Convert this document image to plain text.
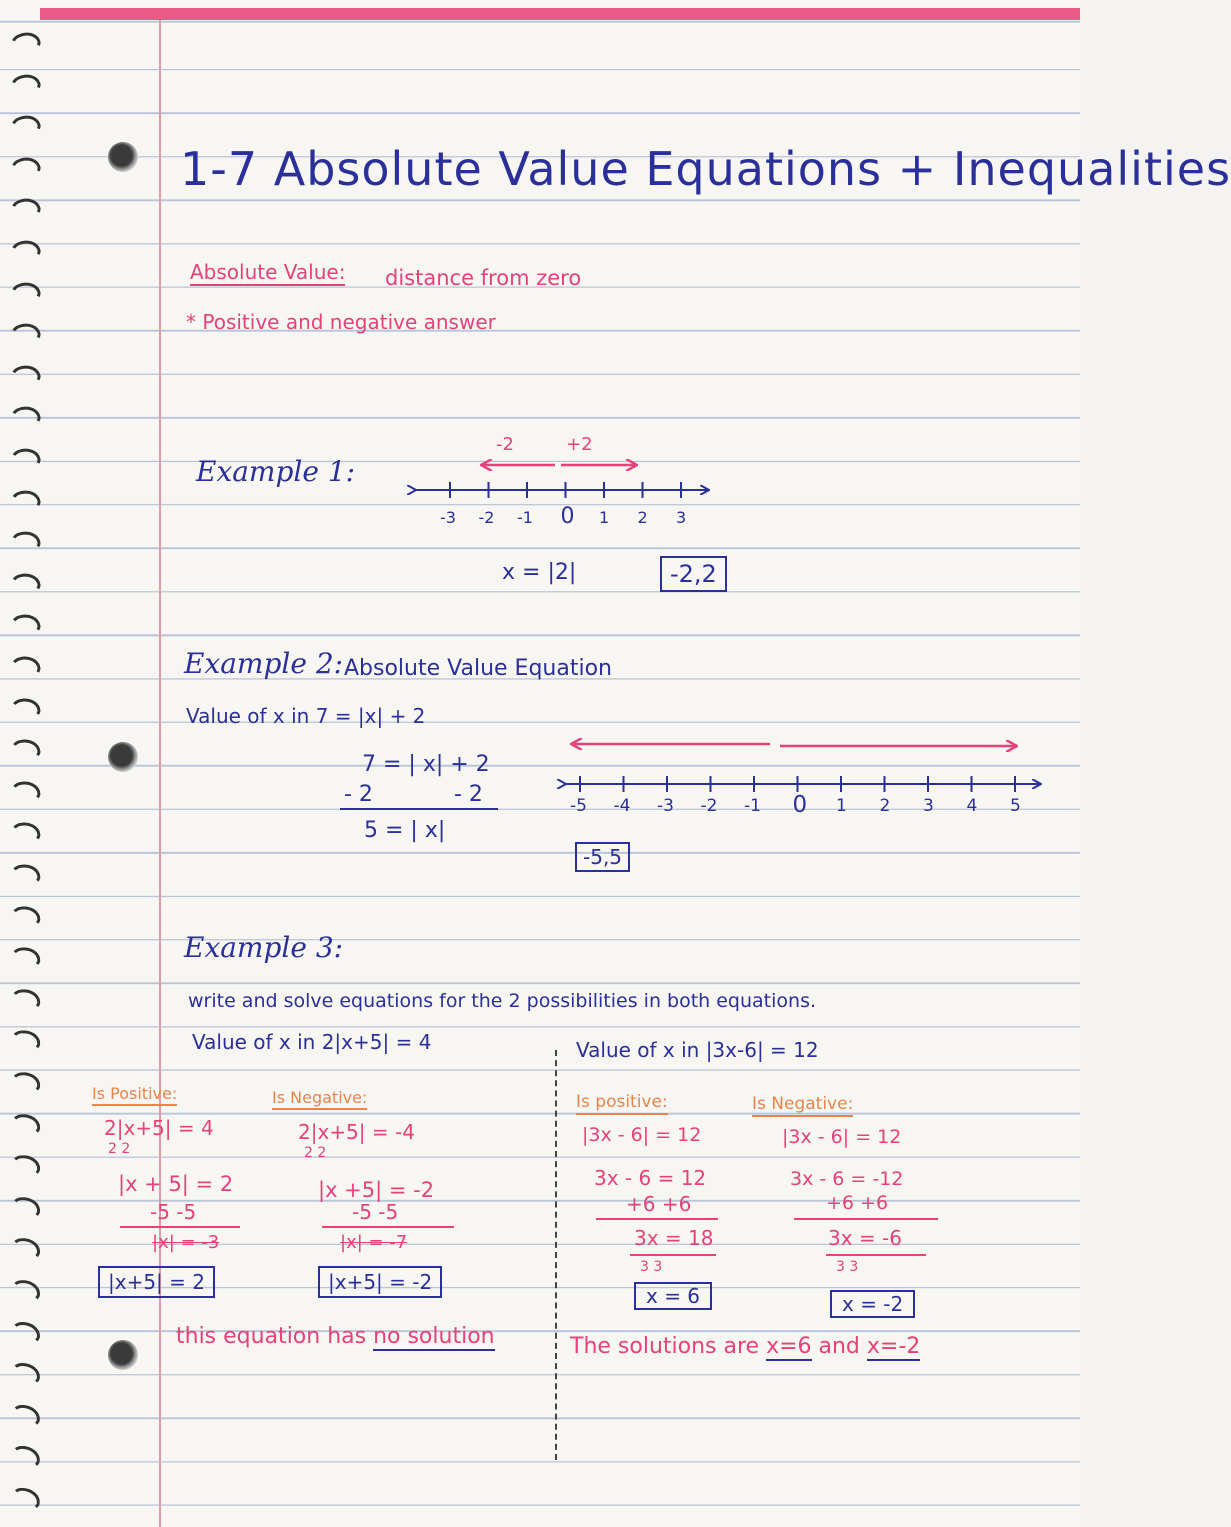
1-7 Absolute Value Equations + Inequalities
Absolute Value: distance from zero
* Positive and negative answer
Example 1:
-2	+2
-3 -2 -1 0 1 2 3
x = |2|	-2,2
Example 2: Absolute Value Equation
Value of x in 7 = |x| + 2
7 = | x| + 2
- 2	- 2
5 = | x|
-5 -4 -3 -2 -1 0 1 2 3 4 5
-5,5
Example 3:
write and solve equations for the 2 possibilities in both equations.
Value of x in 2|x+5| = 4	Value of x in |3x-6| = 12
Is Positive:
2|x+5| = 4
2 2
|x + 5| = 2
-5 -5
|x| = -3
|x+5| = 2
Is Negative:
2|x+5| = -4
2 2
|x +5| = -2
-5 -5
|x| = -7
|x+5| = -2
this equation has no solution
Is positive:
|3x - 6| = 12
3x - 6 = 12
+6 +6
3x = 18
3 3
x = 6
Is Negative:
|3x - 6| = 12
3x - 6 = -12
+6 +6
3x = -6
3 3
x = -2
The solutions are x=6 and x=-2
